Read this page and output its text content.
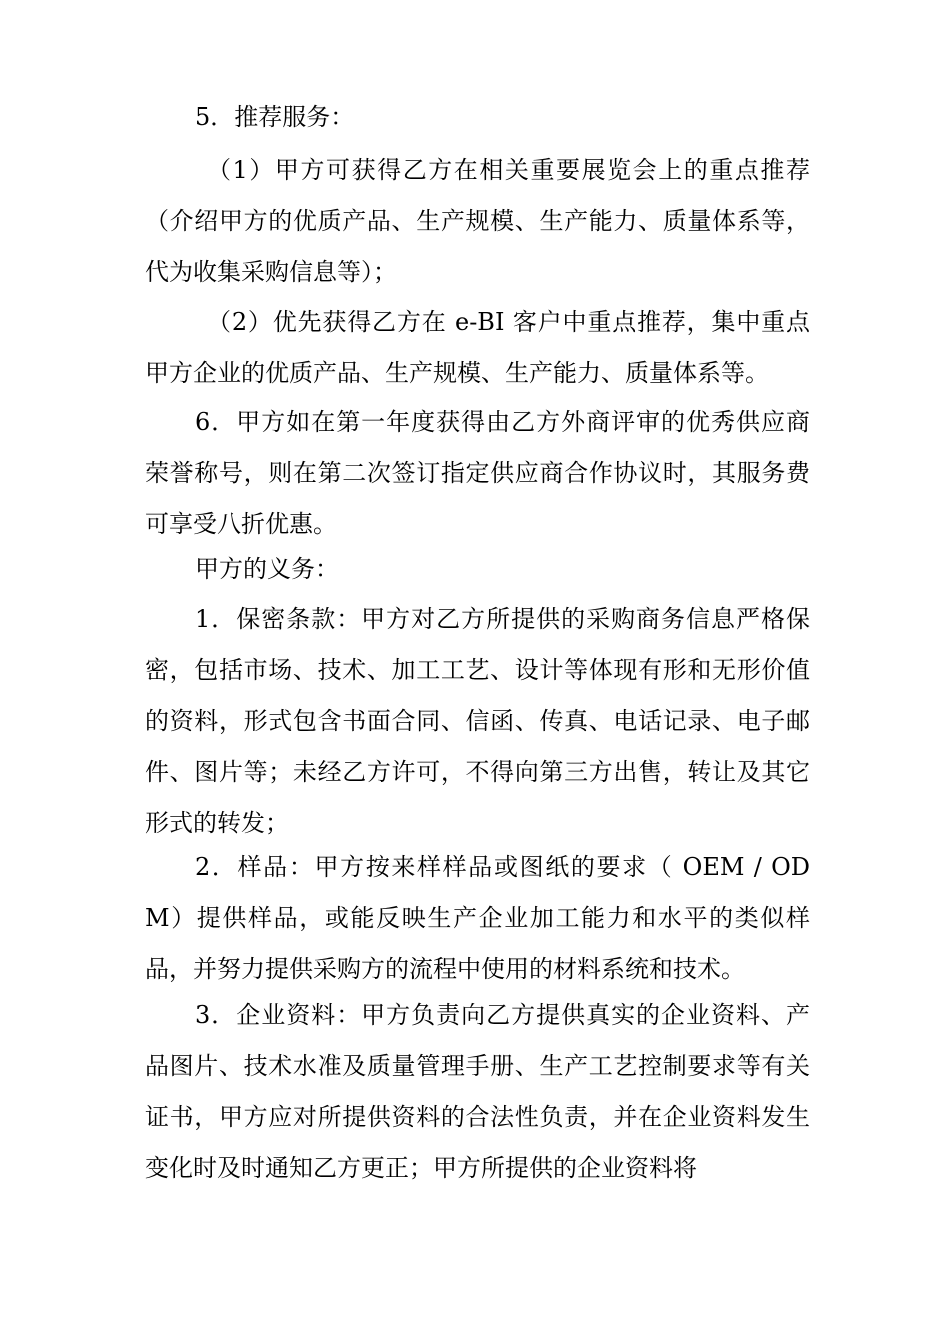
5．推荐服务：

（1）甲方可获得乙方在相关重要展览会上的重点推荐（介绍甲方的优质产品、生产规模、生产能力、质量体系等，代为收集采购信息等）；

（2）优先获得乙方在 e-BI 客户中重点推荐，集中重点甲方企业的优质产品、生产规模、生产能力、质量体系等。

6．甲方如在第一年度获得由乙方外商评审的优秀供应商荣誉称号，则在第二次签订指定供应商合作协议时，其服务费可享受八折优惠。

甲方的义务：

1．保密条款：甲方对乙方所提供的采购商务信息严格保密，包括市场、技术、加工工艺、设计等体现有形和无形价值的资料，形式包含书面合同、信函、传真、电话记录、电子邮件、图片等；未经乙方许可，不得向第三方出售，转让及其它形式的转发；

2．样品：甲方按来样样品或图纸的要求（ OEM / ODM）提供样品，或能反映生产企业加工能力和水平的类似样品，并努力提供采购方的流程中使用的材料系统和技术。

3．企业资料：甲方负责向乙方提供真实的企业资料、产品图片、技术水准及质量管理手册、生产工艺控制要求等有关证书，甲方应对所提供资料的合法性负责，并在企业资料发生变化时及时通知乙方更正；甲方所提供的企业资料将
